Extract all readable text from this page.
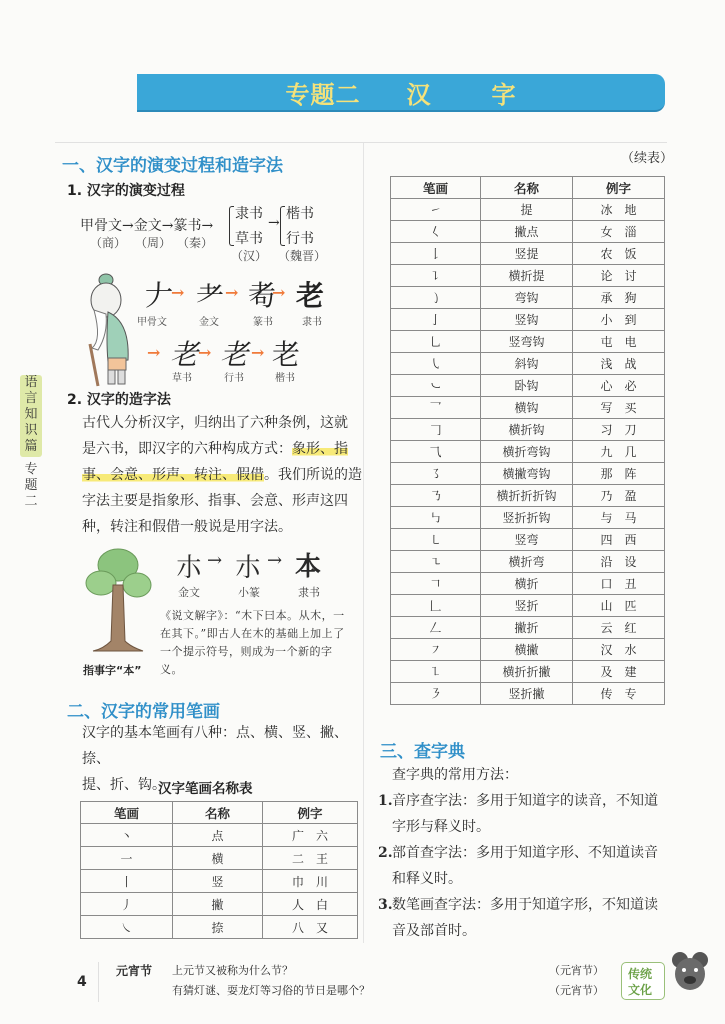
专题二 汉	字
语
言
知
识
篇
专
题
二
一、汉字的演变过程和造字法
1. 汉字的演变过程
甲骨文→金文→篆书→
（商） （周） （秦）
隶书
草书
（汉）
→
楷书
行书
（魏晋）
𠂇
→ 耂 → 耇
→ 老
甲骨文	金文	篆书	隶书
→ 老 → 老 → 老
草书	行书	楷书
2. 汉字的造字法
古代人分析汉字，归纳出了六种条例，这就
是六书，即汉字的六种构成方式：象形、指
事、会意、形声、转注、假借。我们所说的造
字法主要是指象形、指事、会意、形声这四
种，转注和假借一般说是用字法。
指事字“本”
朩 → 朩 → 本
金文	小篆	隶书
《说文解字》：“木下曰本。从木，一在其下。”即古人在木的基础上加上了一个提示符号，则成为一个新的字义。
二、汉字的常用笔画
汉字的基本笔画有八种：点、横、竖、撇、捺、
提、折、钩。
汉字笔画名称表
笔画	名称	例字
丶	点	广六
一	横	二王
丨	竖	巾川
丿	撇	人白
㇏	捺	八又
（续表）
笔画	名称	例字
㇀	提	冰地
𡿨	撇点	女淄
𠄌	竖提	农饭
㇊	横折提	论讨
㇁	弯钩	承狗
亅	竖钩	小到
乚	竖弯钩	屯电
㇂	斜钩	浅战
㇃	卧钩	心必
乛	横钩	写买
𠃌	横折钩	习刀
⺄	横折弯钩	九几
㇌	横撇弯钩	那阵
㇡	横折折折钩	乃盈
㇉	竖折折钩	与马
㇄	竖弯	四西
㇍	横折弯	沿设
𠃍	横折	口丑
𠃊	竖折	山匹
𠃋	撇折	云红
㇇	横撇	汉水
㇅	横折折撇	及建
㇋	竖折撇	传专
三、查字典
查字典的常用方法：
1. 音序查字法：多用于知道字的读音，不知道
字形与释义时。
2. 部首查字法：多用于知道字形、不知道读音
和释义时。
3. 数笔画查字法：多用于知道字形，不知道读
音及部首时。
4
元宵节 上元节又被称为什么节？
有猜灯谜、耍龙灯等习俗的节日是哪个？
（元宵节）
（元宵节）
传统
文化
